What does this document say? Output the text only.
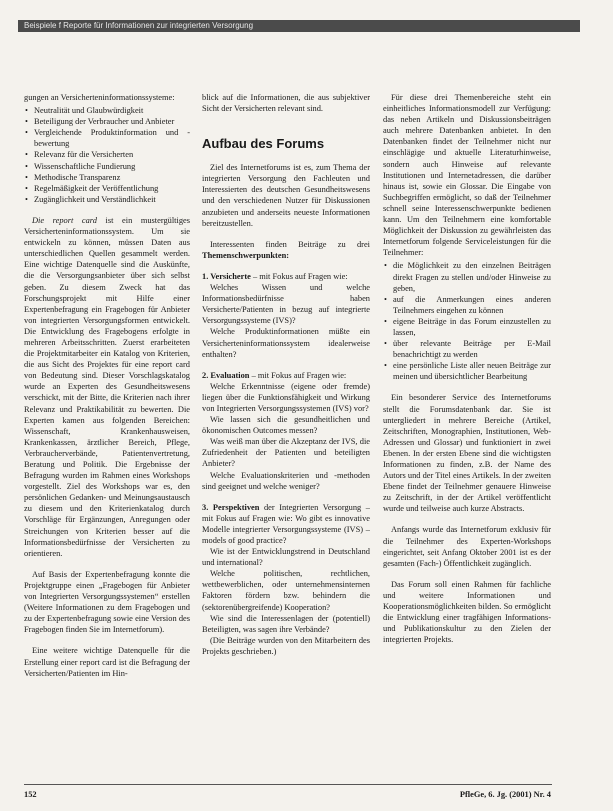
Beispiele f Reporte für Informationen zur integrierten Versorgung

gungen an Versicherteninformationssysteme:

• Neutralität und Glaubwürdigkeit
• Beteiligung der Verbraucher und Anbieter
• Vergleichende Produktinformation und -bewertung
• Relevanz für die Versicherten
• Wissenschaftliche Fundierung
• Methodische Transparenz
• Regelmäßigkeit der Veröffentlichung
• Zugänglichkeit und Verständlichkeit

Die report card ist ein mustergültiges Versicherteninformationssystem. Um sie entwickeln zu können, müssen Daten aus unterschiedlichen Quellen gesammelt werden. Eine wichtige Datenquelle sind die Auskünfte, die die Versorgungsanbieter über sich selbst geben. Zu diesem Zweck hat das Forschungsprojekt mit Hilfe einer Expertenbefragung ein Fragebogen für Anbieter von integrierten Versorgungsformen entwickelt. Die Entwicklung des Fragebogens erfolgte in mehreren Arbeitsschritten. Zuerst erarbeiteten die Projektmitarbeiter ein Katalog von Kriterien, die aus Sicht des Projektes für eine report card von Bedeutung sind. Dieser Vorschlagskatalog wurde an Experten des Gesundheitswesens verschickt, mit der Bitte, die Kriterien nach ihrer Relevanz und Praktikabilität zu bewerten. Die Experten kamen aus folgenden Bereichen: Wissenschaft, Krankenhausweisen, Krankenkassen, ärztlicher Bereich, Pflege, Verbraucherverbände, Patientenvertretung, Beratung und Politik. Die Ergebnisse der Befragung wurden im Rahmen eines Workshops vorgestellt. Ziel des Workshops war es, den persönlichen Gedanken- und Meinungsaustausch zu diesem und den Kriterienkatalog durch Vorschläge für Ergänzungen, Anregungen oder Streichungen von Kriterien besser auf die Informationsbedürfnisse der Versicherten zu orientieren.

Auf Basis der Expertenbefragung konnte die Projektgruppe einen „Fragebogen für Anbieter von Integrierten Versorgungssystemen“ erstellen (Weitere Informationen zu dem Fragebogen und zu der Expertenbefragung sowie eine Version des Fragebogen finden Sie im Internetforum).

Eine weitere wichtige Datenquelle für die Erstellung einer report card ist die Befragung der Versicherten/Patienten im Hin-

blick auf die Informationen, die aus subjektiver Sicht der Versicherten relevant sind.

Aufbau des Forums

Ziel des Internetforums ist es, zum Thema der integrierten Versorgung den Fachleuten und Interessierten des deutschen Gesundheitswesens und den verschiedenen Nutzer für Diskussionen anzubieten und anderseits neueste Informationen bereitzustellen.

Interessenten finden Beiträge zu drei Themenschwerpunkten:

1. Versicherte – mit Fokus auf Fragen wie:

Welches Wissen und welche Informationsbedürfnisse haben Versicherte/Patienten in bezug auf integrierte Versorgungssysteme (IVS)?

Welche Produktinformationen müßte ein Versicherteninformationssystem idealerweise enthalten?

2. Evaluation – mit Fokus auf Fragen wie:

Welche Erkenntnisse (eigene oder fremde) liegen über die Funktionsfähigkeit und Wirkung von Integrierten Versorgungssystemen (IVS) vor?

Wie lassen sich die gesundheitlichen und ökonomischen Outcomes messen?

Was weiß man über die Akzeptanz der IVS, die Zufriedenheit der Patienten und beteiligten Anbieter?

Welche Evaluationskriterien und -methoden sind geeignet und welche weniger?

3. Perspektiven der Integrierten Versorgung – mit Fokus auf Fragen wie: Wo gibt es innovative Modelle integrierter Versorgungssysteme (IVS) – models of good practice?

Wie ist der Entwicklungstrend in Deutschland und international?

Welche politischen, rechtlichen, wettbewerblichen, oder unternehmensinternen Faktoren fördern bzw. behindern die (sektorenübergreifende) Kooperation?

Wie sind die Interessenlagen der (potentiell) Beteiligten, was sagen ihre Verbände?

(Die Beiträge wurden von den Mitarbeitern des Projekts geschrieben.)

Für diese drei Themenbereiche steht ein einheitliches Informationsmodell zur Verfügung: das neben Artikeln und Diskussionsbeiträgen auch mehrere Datenbanken anbietet. In den Datenbanken findet der Teilnehmer nicht nur einschlägige und aktuelle Literaturhinweise, sondern auch Hinweise auf relevante Institutionen und Internetadressen, die darüber hinaus ist, sowie ein Glossar. Die Eingabe von Suchbegriffen ermöglicht, so daß der Teilnehmer schnell seine Interessenschwerpunkte bedienen kann. Um den Teilnehmern eine komfortable Möglichkeit der Diskussion zu gewährleisten das Internetforum folgende Serviceleistungen für die Teilnehmer:

• die Möglichkeit zu den einzelnen Beiträgen direkt Fragen zu stellen und/oder Hinweise zu geben,
• auf die Anmerkungen eines anderen Teilnehmers eingehen zu können
• eigene Beiträge in das Forum einzustellen zu lassen,
• über relevante Beiträge per E-Mail benachrichtigt zu werden
• eine persönliche Liste aller neuen Beiträge zur meinen und übersichtlicher Bearbeitung

Ein besonderer Service des Internetforums stellt die Forumsdatenbank dar. Sie ist untergliedert in mehrere Bereiche (Artikel, Zeitschriften, Monographien, Institutionen, Web-Adressen und Glossar) und funktioniert in zwei Ebenen. In der ersten Ebene sind die wichtigsten Informationen zu finden, z.B. der Name des Autors und der Titel eines Artikels. In der zweiten Ebene findet der Teilnehmer genauere Hinweise zu Zeitschrift, in der der Artikel veröffentlicht wurde und teilweise auch kurze Abstracts.

Anfangs wurde das Internetforum exklusiv für die Teilnehmer des Experten-Workshops eingerichtet, seit Anfang Oktober 2001 ist es der gesamten (Fach-) Öffentlichkeit zugänglich.

Das Forum soll einen Rahmen für fachliche und weitere Informationen und Kooperationsmöglichkeiten bilden. So ermöglicht die Entwicklung einer tragfähigen Informations- und Publikationskultur zu den Zielen der integrierten Projekts.

152	PfleGe, 6. Jg. (2001) Nr. 4
